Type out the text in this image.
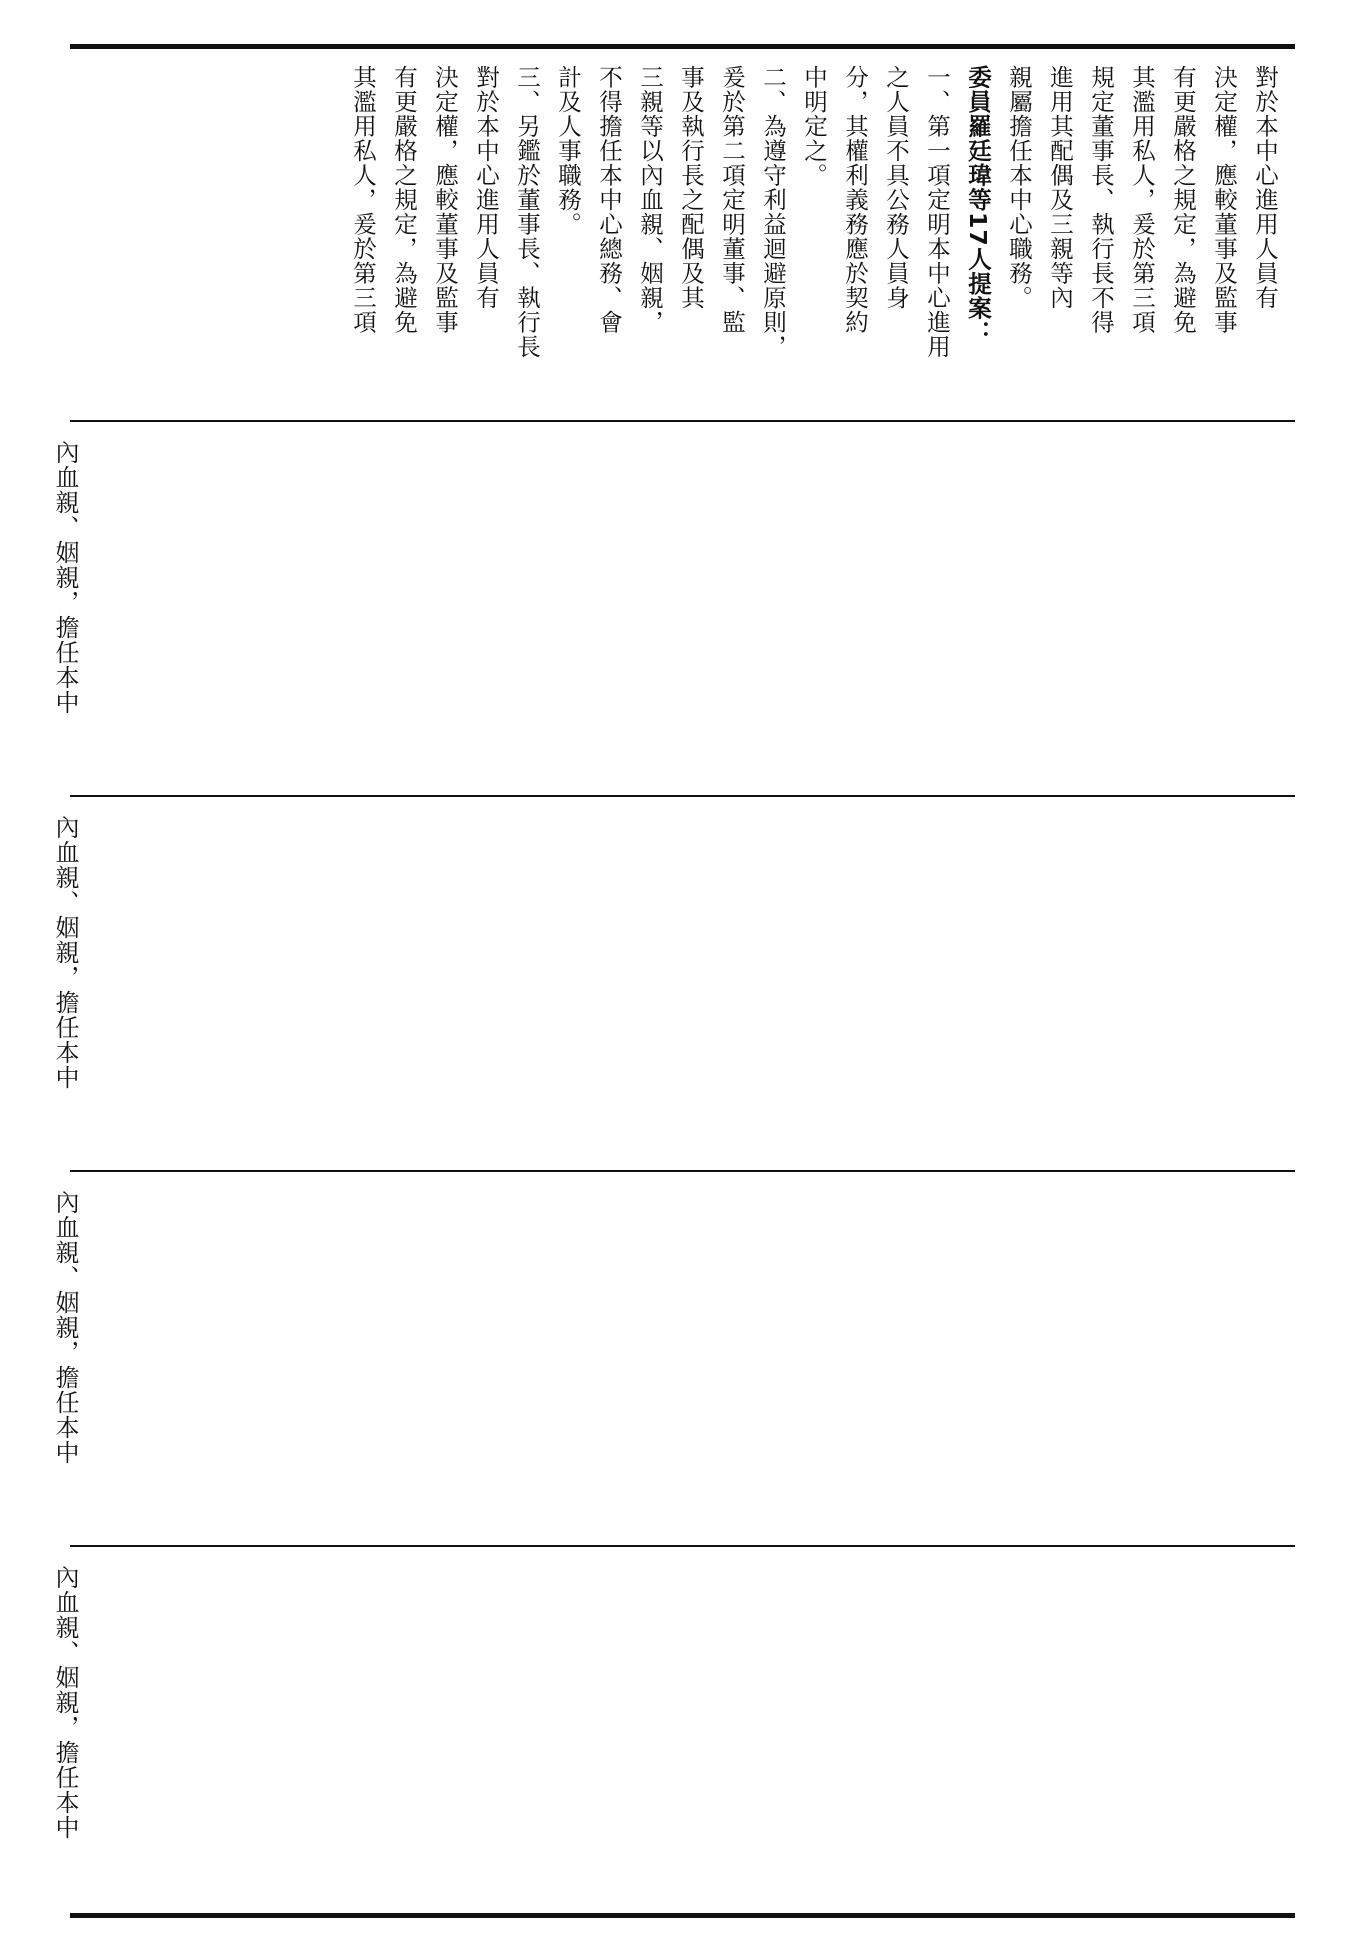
對於本中心進用人員有
決定權，應較董事及監事
有更嚴格之規定，為避免
其濫用私人，爰於第三項
規定董事長、執行長不得
進用其配偶及三親等內
親屬擔任本中心職務。
委員羅廷瑋等17人提案：
一、第一項定明本中心進用
之人員不具公務人員身
分，其權利義務應於契約
中明定之。
二、為遵守利益迴避原則，
爰於第二項定明董事、監
事及執行長之配偶及其
三親等以內血親、姻親，
不得擔任本中心總務、會
計及人事職務。
三、另鑑於董事長、執行長
對於本中心進用人員有
決定權，應較董事及監事
有更嚴格之規定，為避免
其濫用私人，爰於第三項

內血親、姻親，擔任本中

內血親、姻親，擔任本中

內血親、姻親，擔任本中

內血親、姻親，擔任本中
